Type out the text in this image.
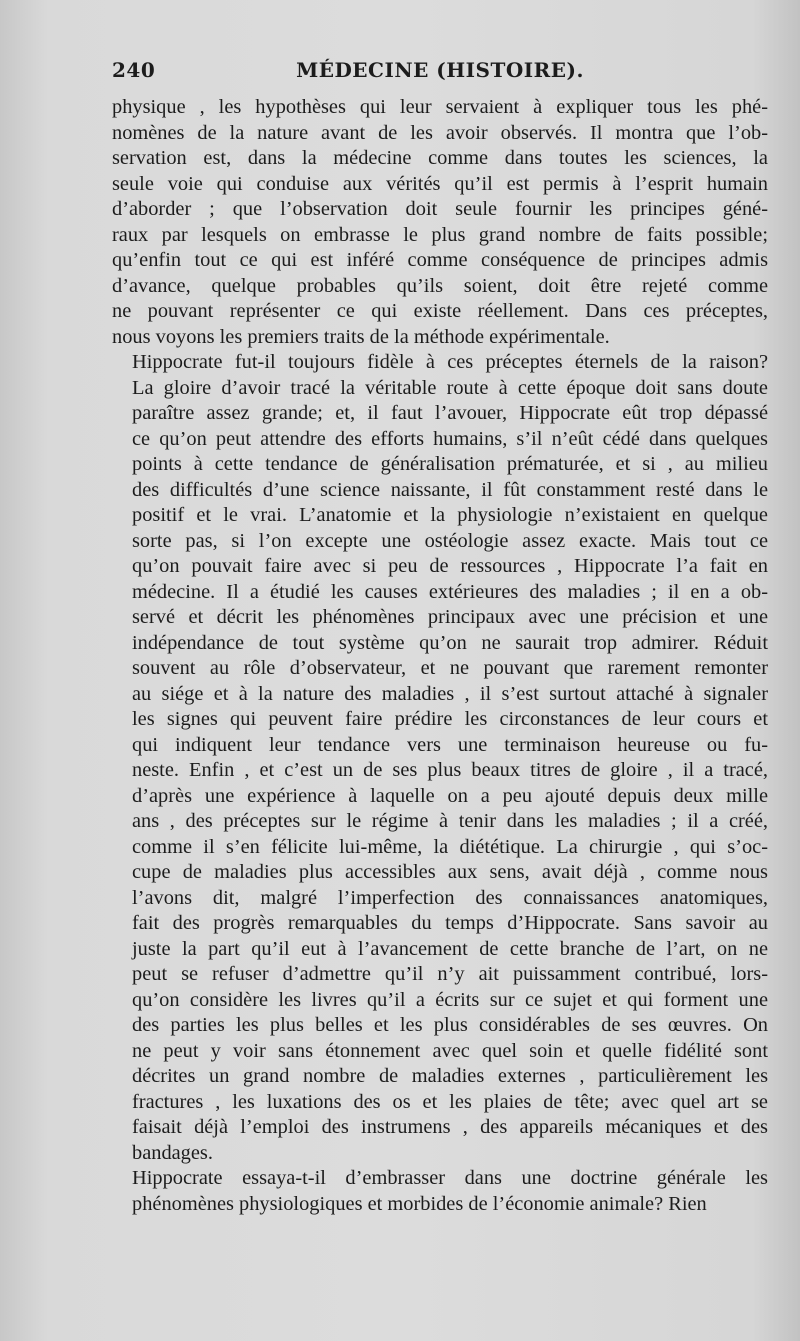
240	MÉDECINE (HISTOIRE).
physique , les hypothèses qui leur servaient à expliquer tous les phé-
nomènes de la nature avant de les avoir observés. Il montra que l’ob-
servation est, dans la médecine comme dans toutes les sciences, la
seule voie qui conduise aux vérités qu’il est permis à l’esprit humain
d’aborder ; que l’observation doit seule fournir les principes géné-
raux par lesquels on embrasse le plus grand nombre de faits possible;
qu’enfin tout ce qui est inféré comme conséquence de principes admis
d’avance, quelque probables qu’ils soient, doit être rejeté comme
ne pouvant représenter ce qui existe réellement. Dans ces préceptes,
nous voyons les premiers traits de la méthode expérimentale.
Hippocrate fut-il toujours fidèle à ces préceptes éternels de la raison?
La gloire d’avoir tracé la véritable route à cette époque doit sans doute
paraître assez grande; et, il faut l’avouer, Hippocrate eût trop dépassé
ce qu’on peut attendre des efforts humains, s’il n’eût cédé dans quelques
points à cette tendance de généralisation prématurée, et si , au milieu
des difficultés d’une science naissante, il fût constamment resté dans le
positif et le vrai. L’anatomie et la physiologie n’existaient en quelque
sorte pas, si l’on excepte une ostéologie assez exacte. Mais tout ce
qu’on pouvait faire avec si peu de ressources , Hippocrate l’a fait en
médecine. Il a étudié les causes extérieures des maladies ; il en a ob-
servé et décrit les phénomènes principaux avec une précision et une
indépendance de tout système qu’on ne saurait trop admirer. Réduit
souvent au rôle d’observateur, et ne pouvant que rarement remonter
au siége et à la nature des maladies , il s’est surtout attaché à signaler
les signes qui peuvent faire prédire les circonstances de leur cours et
qui indiquent leur tendance vers une terminaison heureuse ou fu-
neste. Enfin , et c’est un de ses plus beaux titres de gloire , il a tracé,
d’après une expérience à laquelle on a peu ajouté depuis deux mille
ans , des préceptes sur le régime à tenir dans les maladies ; il a créé,
comme il s’en félicite lui-même, la diététique. La chirurgie , qui s’oc-
cupe de maladies plus accessibles aux sens, avait déjà , comme nous
l’avons dit, malgré l’imperfection des connaissances anatomiques,
fait des progrès remarquables du temps d’Hippocrate. Sans savoir au
juste la part qu’il eut à l’avancement de cette branche de l’art, on ne
peut se refuser d’admettre qu’il n’y ait puissamment contribué, lors-
qu’on considère les livres qu’il a écrits sur ce sujet et qui forment une
des parties les plus belles et les plus considérables de ses œuvres. On
ne peut y voir sans étonnement avec quel soin et quelle fidélité sont
décrites un grand nombre de maladies externes , particulièrement les
fractures , les luxations des os et les plaies de tête; avec quel art se
faisait déjà l’emploi des instrumens , des appareils mécaniques et des
bandages.
Hippocrate essaya-t-il d’embrasser dans une doctrine générale les
phénomènes physiologiques et morbides de l’économie animale? Rien
